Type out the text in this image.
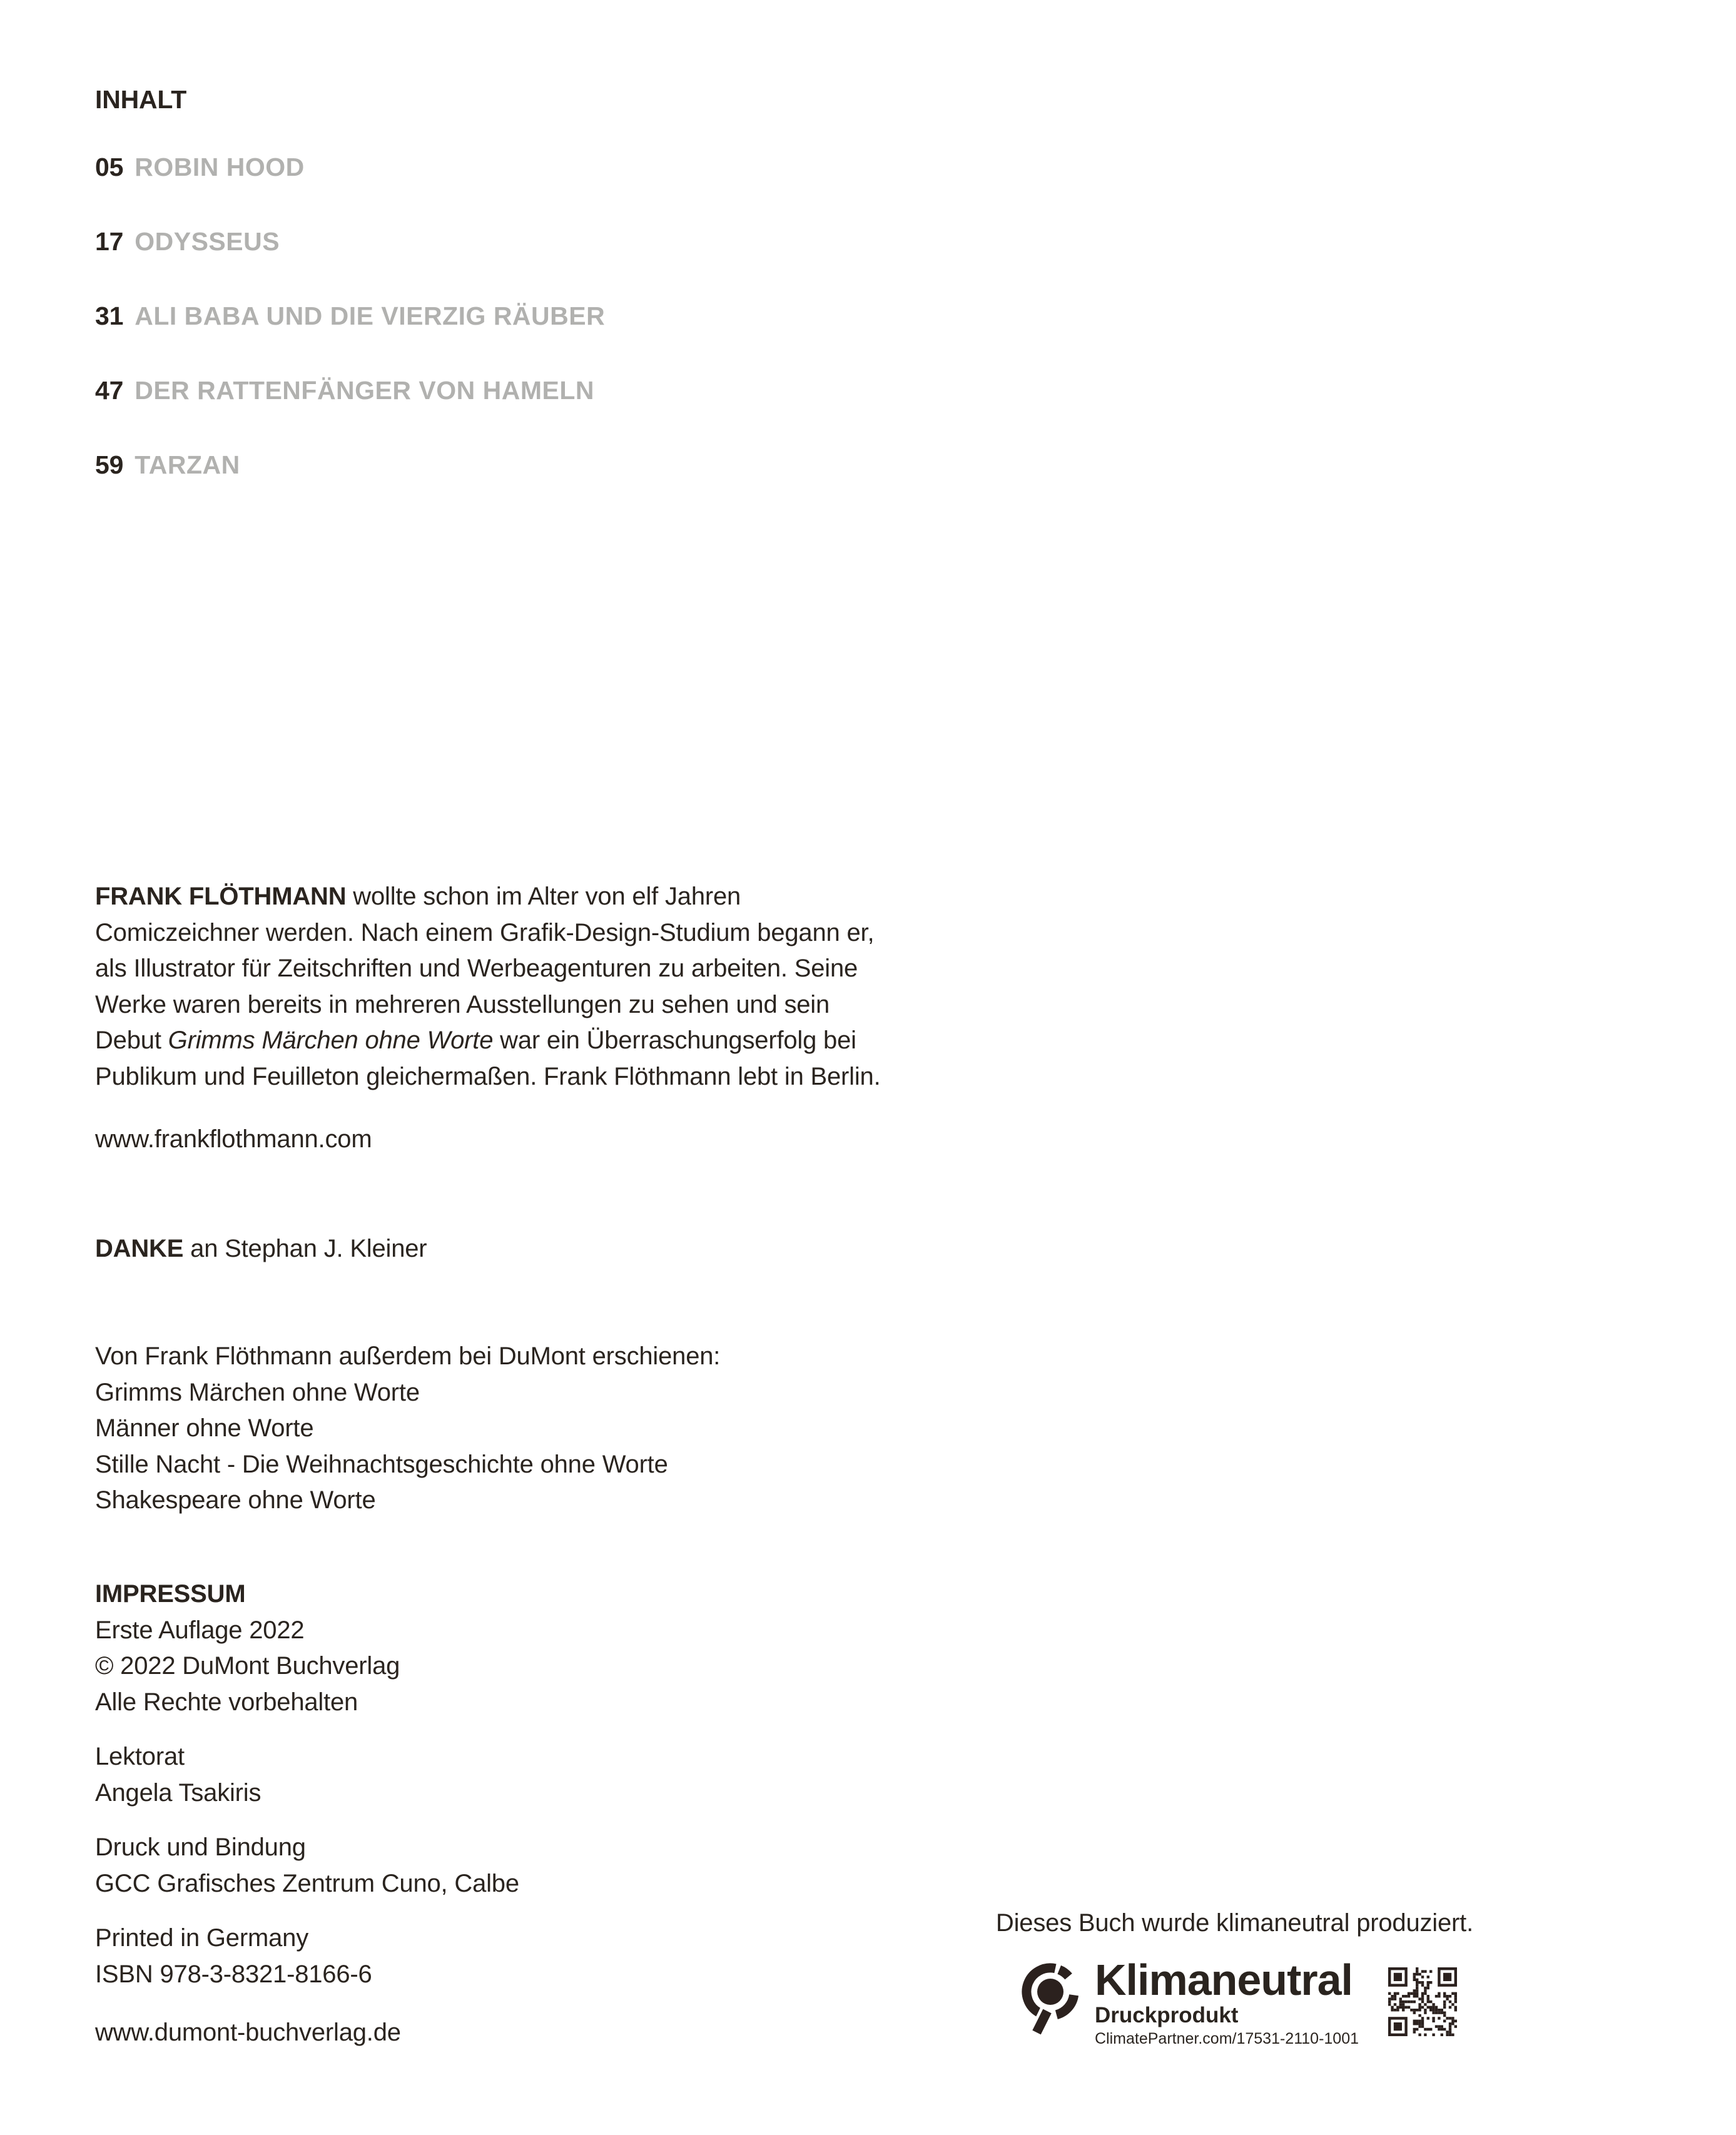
INHALT
05 ROBIN HOOD
17 ODYSSEUS
31 ALI BABA UND DIE VIERZIG RÄUBER
47 DER RATTENFÄNGER VON HAMELN
59 TARZAN
FRANK FLÖTHMANN wollte schon im Alter von elf Jahren
Comiczeichner werden. Nach einem Grafik-Design-Studium begann er,
als Illustrator für Zeitschriften und Werbeagenturen zu arbeiten. Seine
Werke waren bereits in mehreren Ausstellungen zu sehen und sein
Debut Grimms Märchen ohne Worte war ein Überraschungserfolg bei
Publikum und Feuilleton gleichermaßen. Frank Flöthmann lebt in Berlin.
www.frankflothmann.com
DANKE an Stephan J. Kleiner
Von Frank Flöthmann außerdem bei DuMont erschienen:
Grimms Märchen ohne Worte
Männer ohne Worte
Stille Nacht - Die Weihnachtsgeschichte ohne Worte
Shakespeare ohne Worte
IMPRESSUM
Erste Auflage 2022
© 2022 DuMont Buchverlag
Alle Rechte vorbehalten
Lektorat
Angela Tsakiris
Druck und Bindung
GCC Grafisches Zentrum Cuno, Calbe
Printed in Germany
ISBN 978-3-8321-8166-6
www.dumont-buchverlag.de
Dieses Buch wurde klimaneutral produziert.
Klimaneutral
Druckprodukt
ClimatePartner.com/17531-2110-1001
